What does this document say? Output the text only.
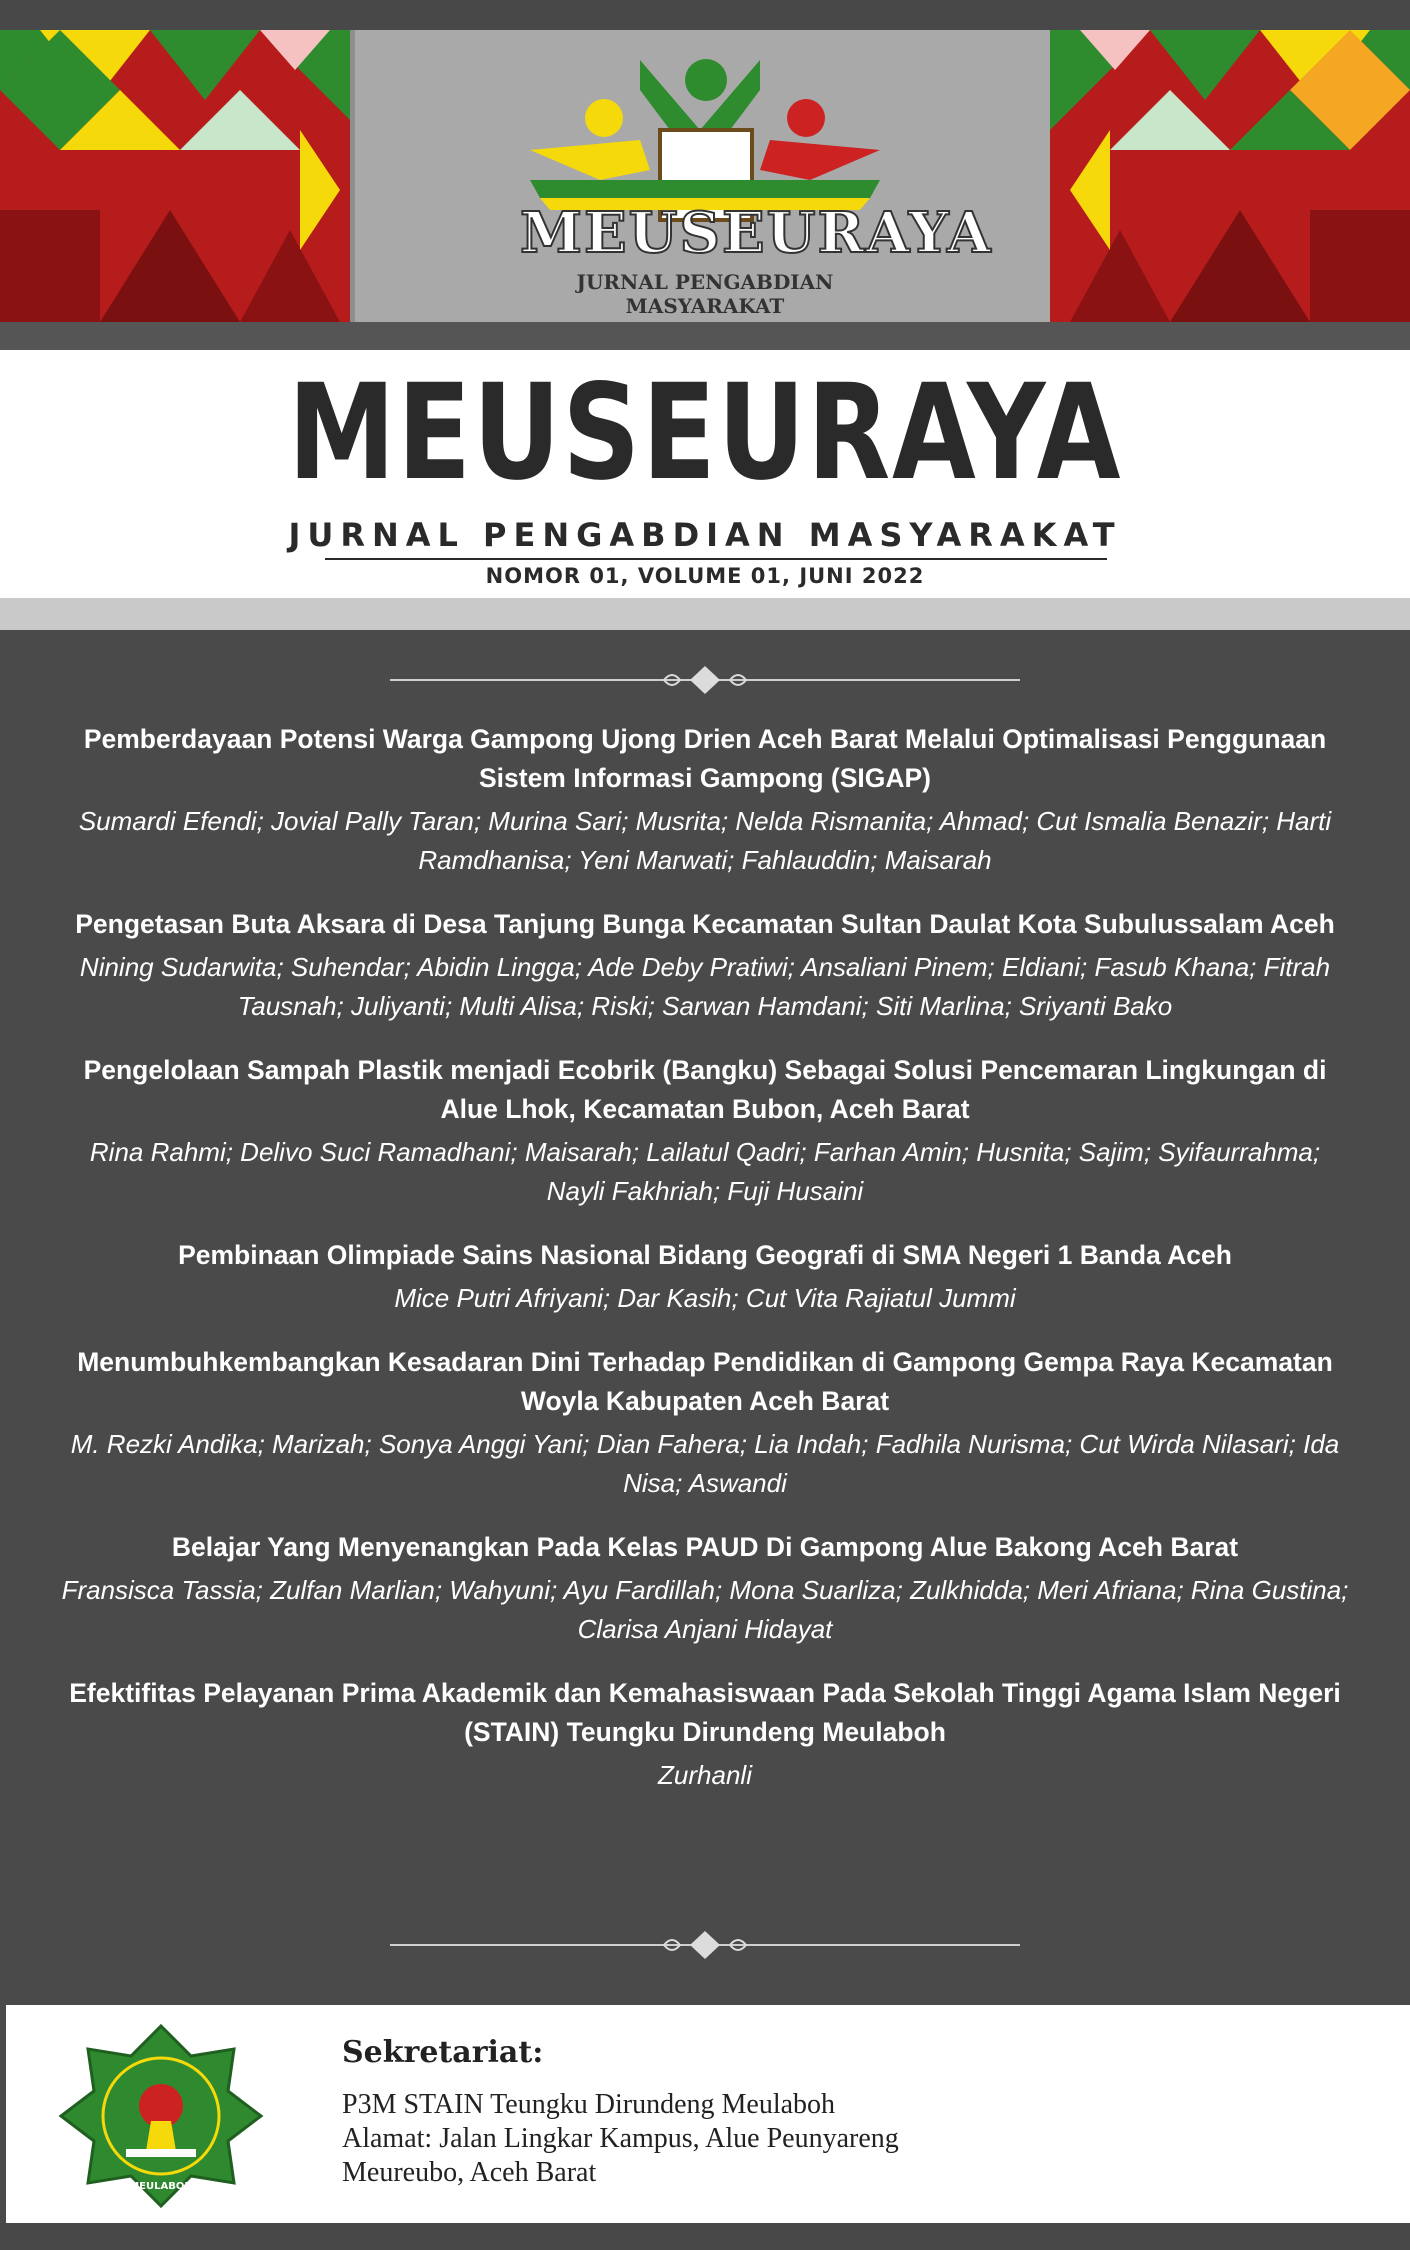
MEUSEURAYA
JURNAL PENGABDIAN MASYARAKAT
MEUSEURAYA
JURNAL PENGABDIAN MASYARAKAT
NOMOR 01, VOLUME 01, JUNI 2022
Pemberdayaan Potensi Warga Gampong Ujong Drien Aceh Barat Melalui Optimalisasi Penggunaan Sistem Informasi Gampong (SIGAP)
Sumardi Efendi; Jovial Pally Taran; Murina Sari; Musrita; Nelda Rismanita; Ahmad; Cut Ismalia Benazir; Harti Ramdhanisa; Yeni Marwati; Fahlauddin; Maisarah
Pengetasan Buta Aksara di Desa Tanjung Bunga Kecamatan Sultan Daulat Kota Subulussalam Aceh
Nining Sudarwita; Suhendar; Abidin Lingga; Ade Deby Pratiwi; Ansaliani Pinem; Eldiani; Fasub Khana; Fitrah Tausnah; Juliyanti; Multi Alisa; Riski; Sarwan Hamdani; Siti Marlina; Sriyanti Bako
Pengelolaan Sampah Plastik menjadi Ecobrik (Bangku) Sebagai Solusi Pencemaran Lingkungan di Alue Lhok, Kecamatan Bubon, Aceh Barat
Rina Rahmi; Delivo Suci Ramadhani; Maisarah; Lailatul Qadri; Farhan Amin; Husnita; Sajim; Syifaurrahma; Nayli Fakhriah; Fuji Husaini
Pembinaan Olimpiade Sains Nasional Bidang Geografi di SMA Negeri 1 Banda Aceh
Mice Putri Afriyani; Dar Kasih; Cut Vita Rajiatul Jummi
Menumbuhkembangkan Kesadaran Dini Terhadap Pendidikan di Gampong Gempa Raya Kecamatan Woyla Kabupaten Aceh Barat
M. Rezki Andika; Marizah; Sonya Anggi Yani; Dian Fahera; Lia Indah; Fadhila Nurisma; Cut Wirda Nilasari; Ida Nisa; Aswandi
Belajar Yang Menyenangkan Pada Kelas PAUD Di Gampong Alue Bakong Aceh Barat
Fransisca Tassia; Zulfan Marlian; Wahyuni; Ayu Fardillah; Mona Suarliza; Zulkhidda; Meri Afriana; Rina Gustina; Clarisa Anjani Hidayat
Efektifitas Pelayanan Prima Akademik dan Kemahasiswaan Pada Sekolah Tinggi Agama Islam Negeri (STAIN) Teungku Dirundeng Meulaboh
Zurhanli
MEULABOH
Sekretariat:
P3M STAIN Teungku Dirundeng Meulaboh
Alamat: Jalan Lingkar Kampus, Alue Peunyareng
Meureubo, Aceh Barat
